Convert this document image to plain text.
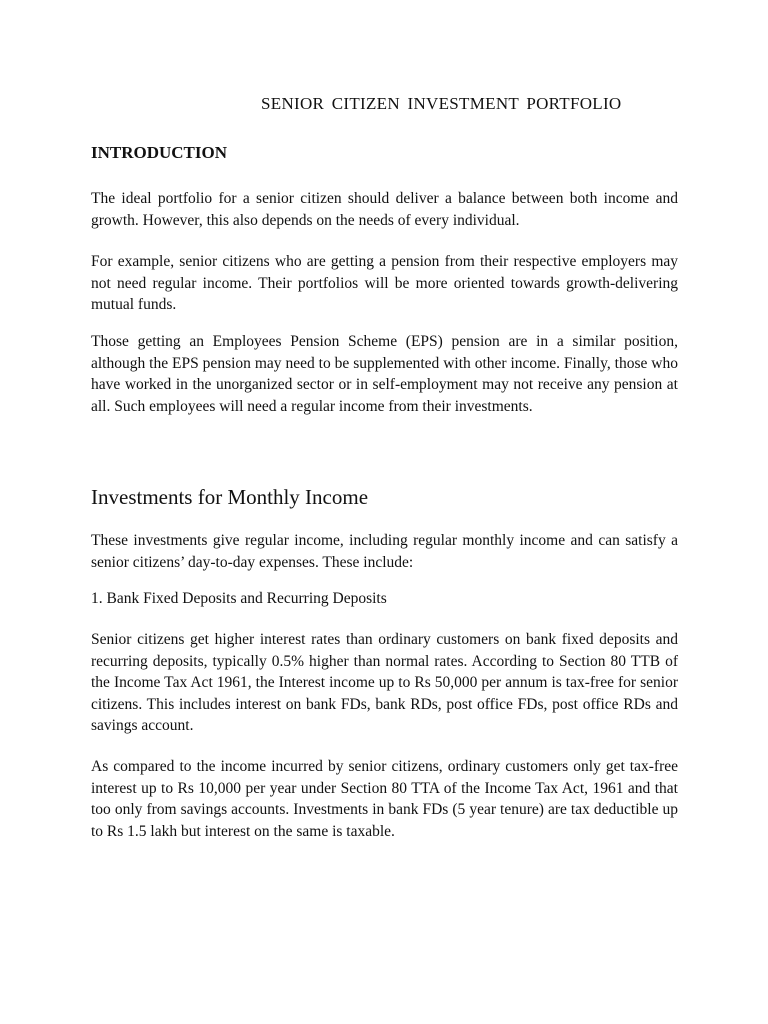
SENIOR CITIZEN INVESTMENT PORTFOLIO
INTRODUCTION

The ideal portfolio for a senior citizen should deliver a balance between both income and growth. However, this also depends on the needs of every individual.

For example, senior citizens who are getting a pension from their respective employers may not need regular income. Their portfolios will be more oriented towards growth-delivering mutual funds.

Those getting an Employees Pension Scheme (EPS) pension are in a similar position, although the EPS pension may need to be supplemented with other income. Finally, those who have worked in the unorganized sector or in self-employment may not receive any pension at all. Such employees will need a regular income from their investments.

Investments for Monthly Income

These investments give regular income, including regular monthly income and can satisfy a senior citizens’ day-to-day expenses. These include:

1. Bank Fixed Deposits and Recurring Deposits

Senior citizens get higher interest rates than ordinary customers on bank fixed deposits and recurring deposits, typically 0.5% higher than normal rates. According to Section 80 TTB of the Income Tax Act 1961, the Interest income up to Rs 50,000 per annum is tax-free for senior citizens. This includes interest on bank FDs, bank RDs, post office FDs, post office RDs and savings account.

As compared to the income incurred by senior citizens, ordinary customers only get tax-free interest up to Rs 10,000 per year under Section 80 TTA of the Income Tax Act, 1961 and that too only from savings accounts. Investments in bank FDs (5 year tenure) are tax deductible up to Rs 1.5 lakh but interest on the same is taxable.
